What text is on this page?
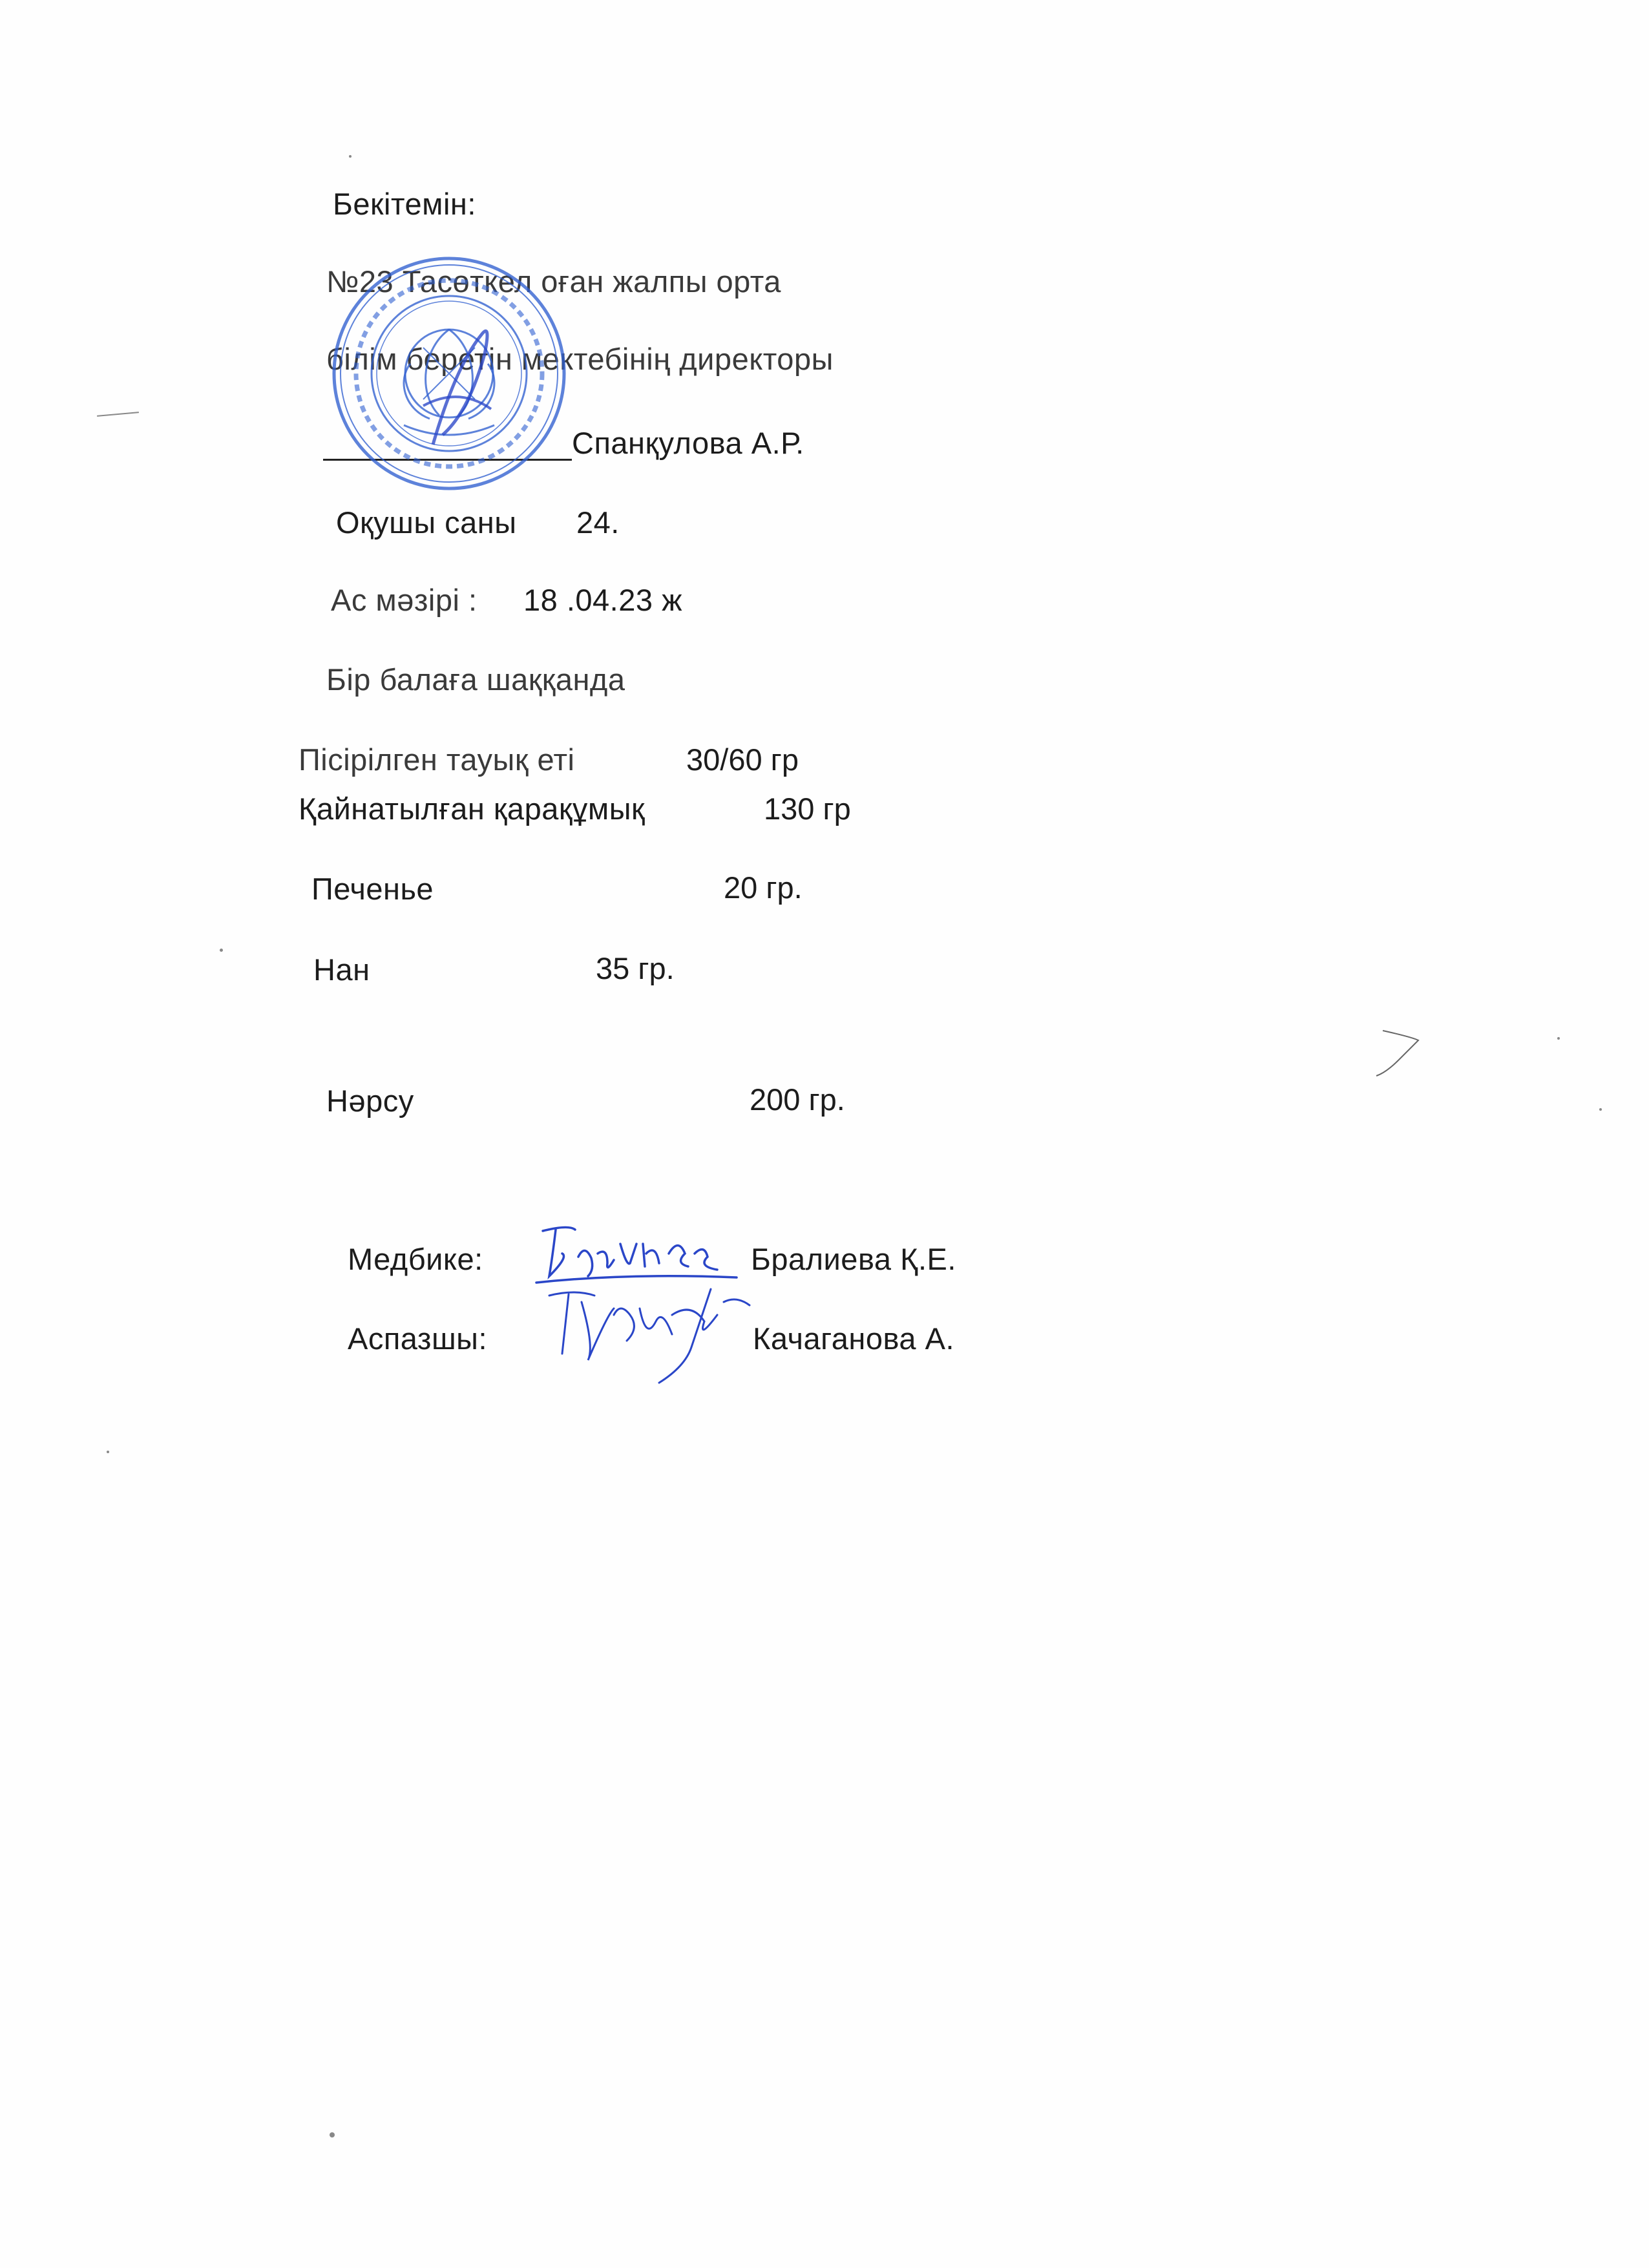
Бекітемін:
№23 Тасөткел оған жалпы орта
білім беретін мектебінің директоры
Спанқулова А.Р.
Оқушы саны 24.
Ас мәзірі : 18 .04.23 ж
Бір балаға шаққанда
Пісірілген тауық еті	30/60 гр
Қайнатылған қарақұмық	130 гр
Печенье	20 гр.
Нан	35 гр.
Нәрсу	200 гр.
Медбике:	Бралиева Қ.Е.
Аспазшы:	Качаганова А.
